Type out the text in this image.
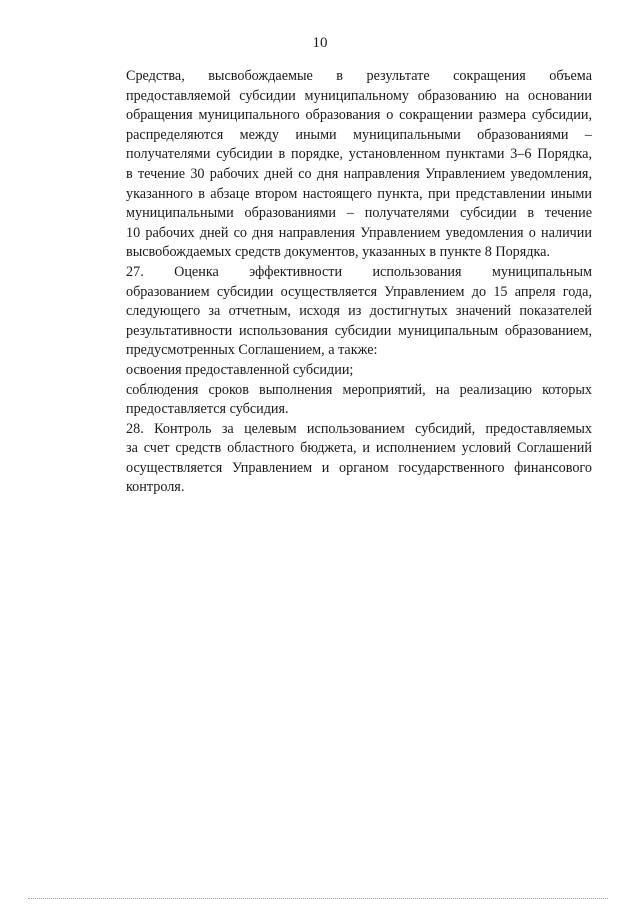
10
Средства, высвобождаемые в результате сокращения объема
предоставляемой субсидии муниципальному образованию на основании
обращения муниципального образования о сокращении размера субсидии,
распределяются между иными муниципальными образованиями –
получателями субсидии в порядке, установленном пунктами 3–6 Порядка,
в течение 30 рабочих дней со дня направления Управлением уведомления,
указанного в абзаце втором настоящего пункта, при представлении иными
муниципальными образованиями – получателями субсидии в течение
10 рабочих дней со дня направления Управлением уведомления о наличии
высвобождаемых средств документов, указанных в пункте 8 Порядка.
27. Оценка эффективности использования муниципальным
образованием субсидии осуществляется Управлением до 15 апреля года,
следующего за отчетным, исходя из достигнутых значений показателей
результативности использования субсидии муниципальным образованием,
предусмотренных Соглашением, а также:
освоения предоставленной субсидии;
соблюдения сроков выполнения мероприятий, на реализацию которых
предоставляется субсидия.
28. Контроль за целевым использованием субсидий, предоставляемых
за счет средств областного бюджета, и исполнением условий Соглашений
осуществляется Управлением и органом государственного финансового
контроля.
